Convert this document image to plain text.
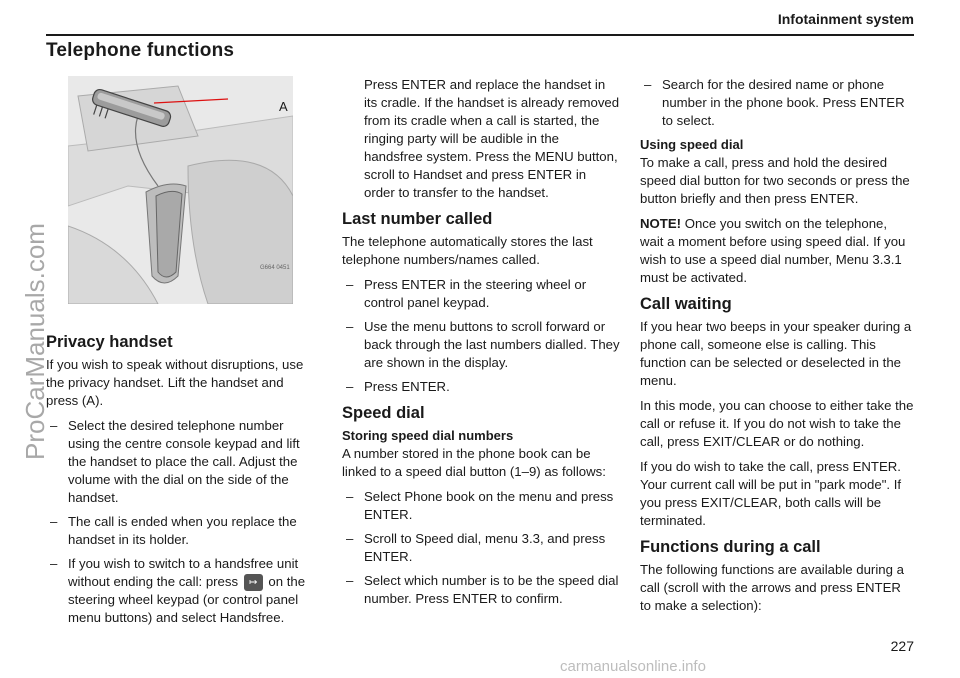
Infotainment system
Telephone functions
G664 0451
A
Privacy handset

If you wish to speak without disruptions, use the privacy handset. Lift the handset and press (A).

– Select the desired telephone number using the centre console keypad and lift the handset to place the call. Adjust the volume with the dial on the side of the handset.
– The call is ended when you replace the handset in its holder.
– If you wish to switch to a handsfree unit without ending the call: press ↦ on the steering wheel keypad (or control panel menu buttons) and select Handsfree.

Press ENTER and replace the handset in its cradle. If the handset is already removed from its cradle when a call is started, the ringing party will be audible in the handsfree system. Press the MENU button, scroll to Handset and press ENTER in order to transfer to the handset.

Last number called

The telephone automatically stores the last telephone numbers/names called.

– Press ENTER in the steering wheel or control panel keypad.
– Use the menu buttons to scroll forward or back through the last numbers dialled. They are shown in the display.
– Press ENTER.
Speed dial
Storing speed dial numbers

A number stored in the phone book can be linked to a speed dial button (1–9) as follows:

– Select Phone book on the menu and press ENTER.
– Scroll to Speed dial, menu 3.3, and press ENTER.
– Select which number is to be the speed dial number. Press ENTER to confirm.
– Search for the desired name or phone number in the phone book. Press ENTER to select.
Using speed dial

To make a call, press and hold the desired speed dial button for two seconds or press the button briefly and then press ENTER.

NOTE! Once you switch on the telephone, wait a moment before using speed dial. If you wish to use a speed dial number, Menu 3.3.1 must be activated.

Call waiting

If you hear two beeps in your speaker during a phone call, someone else is calling. This function can be selected or deselected in the menu.

In this mode, you can choose to either take the call or refuse it. If you do not wish to take the call, press EXIT/CLEAR or do nothing.

If you do wish to take the call, press ENTER. Your current call will be put in "park mode". If you press EXIT/CLEAR, both calls will be terminated.

Functions during a call

The following functions are available during a call (scroll with the arrows and press ENTER to make a selection):

227
ProCarManuals.com
carmanualsonline.info
